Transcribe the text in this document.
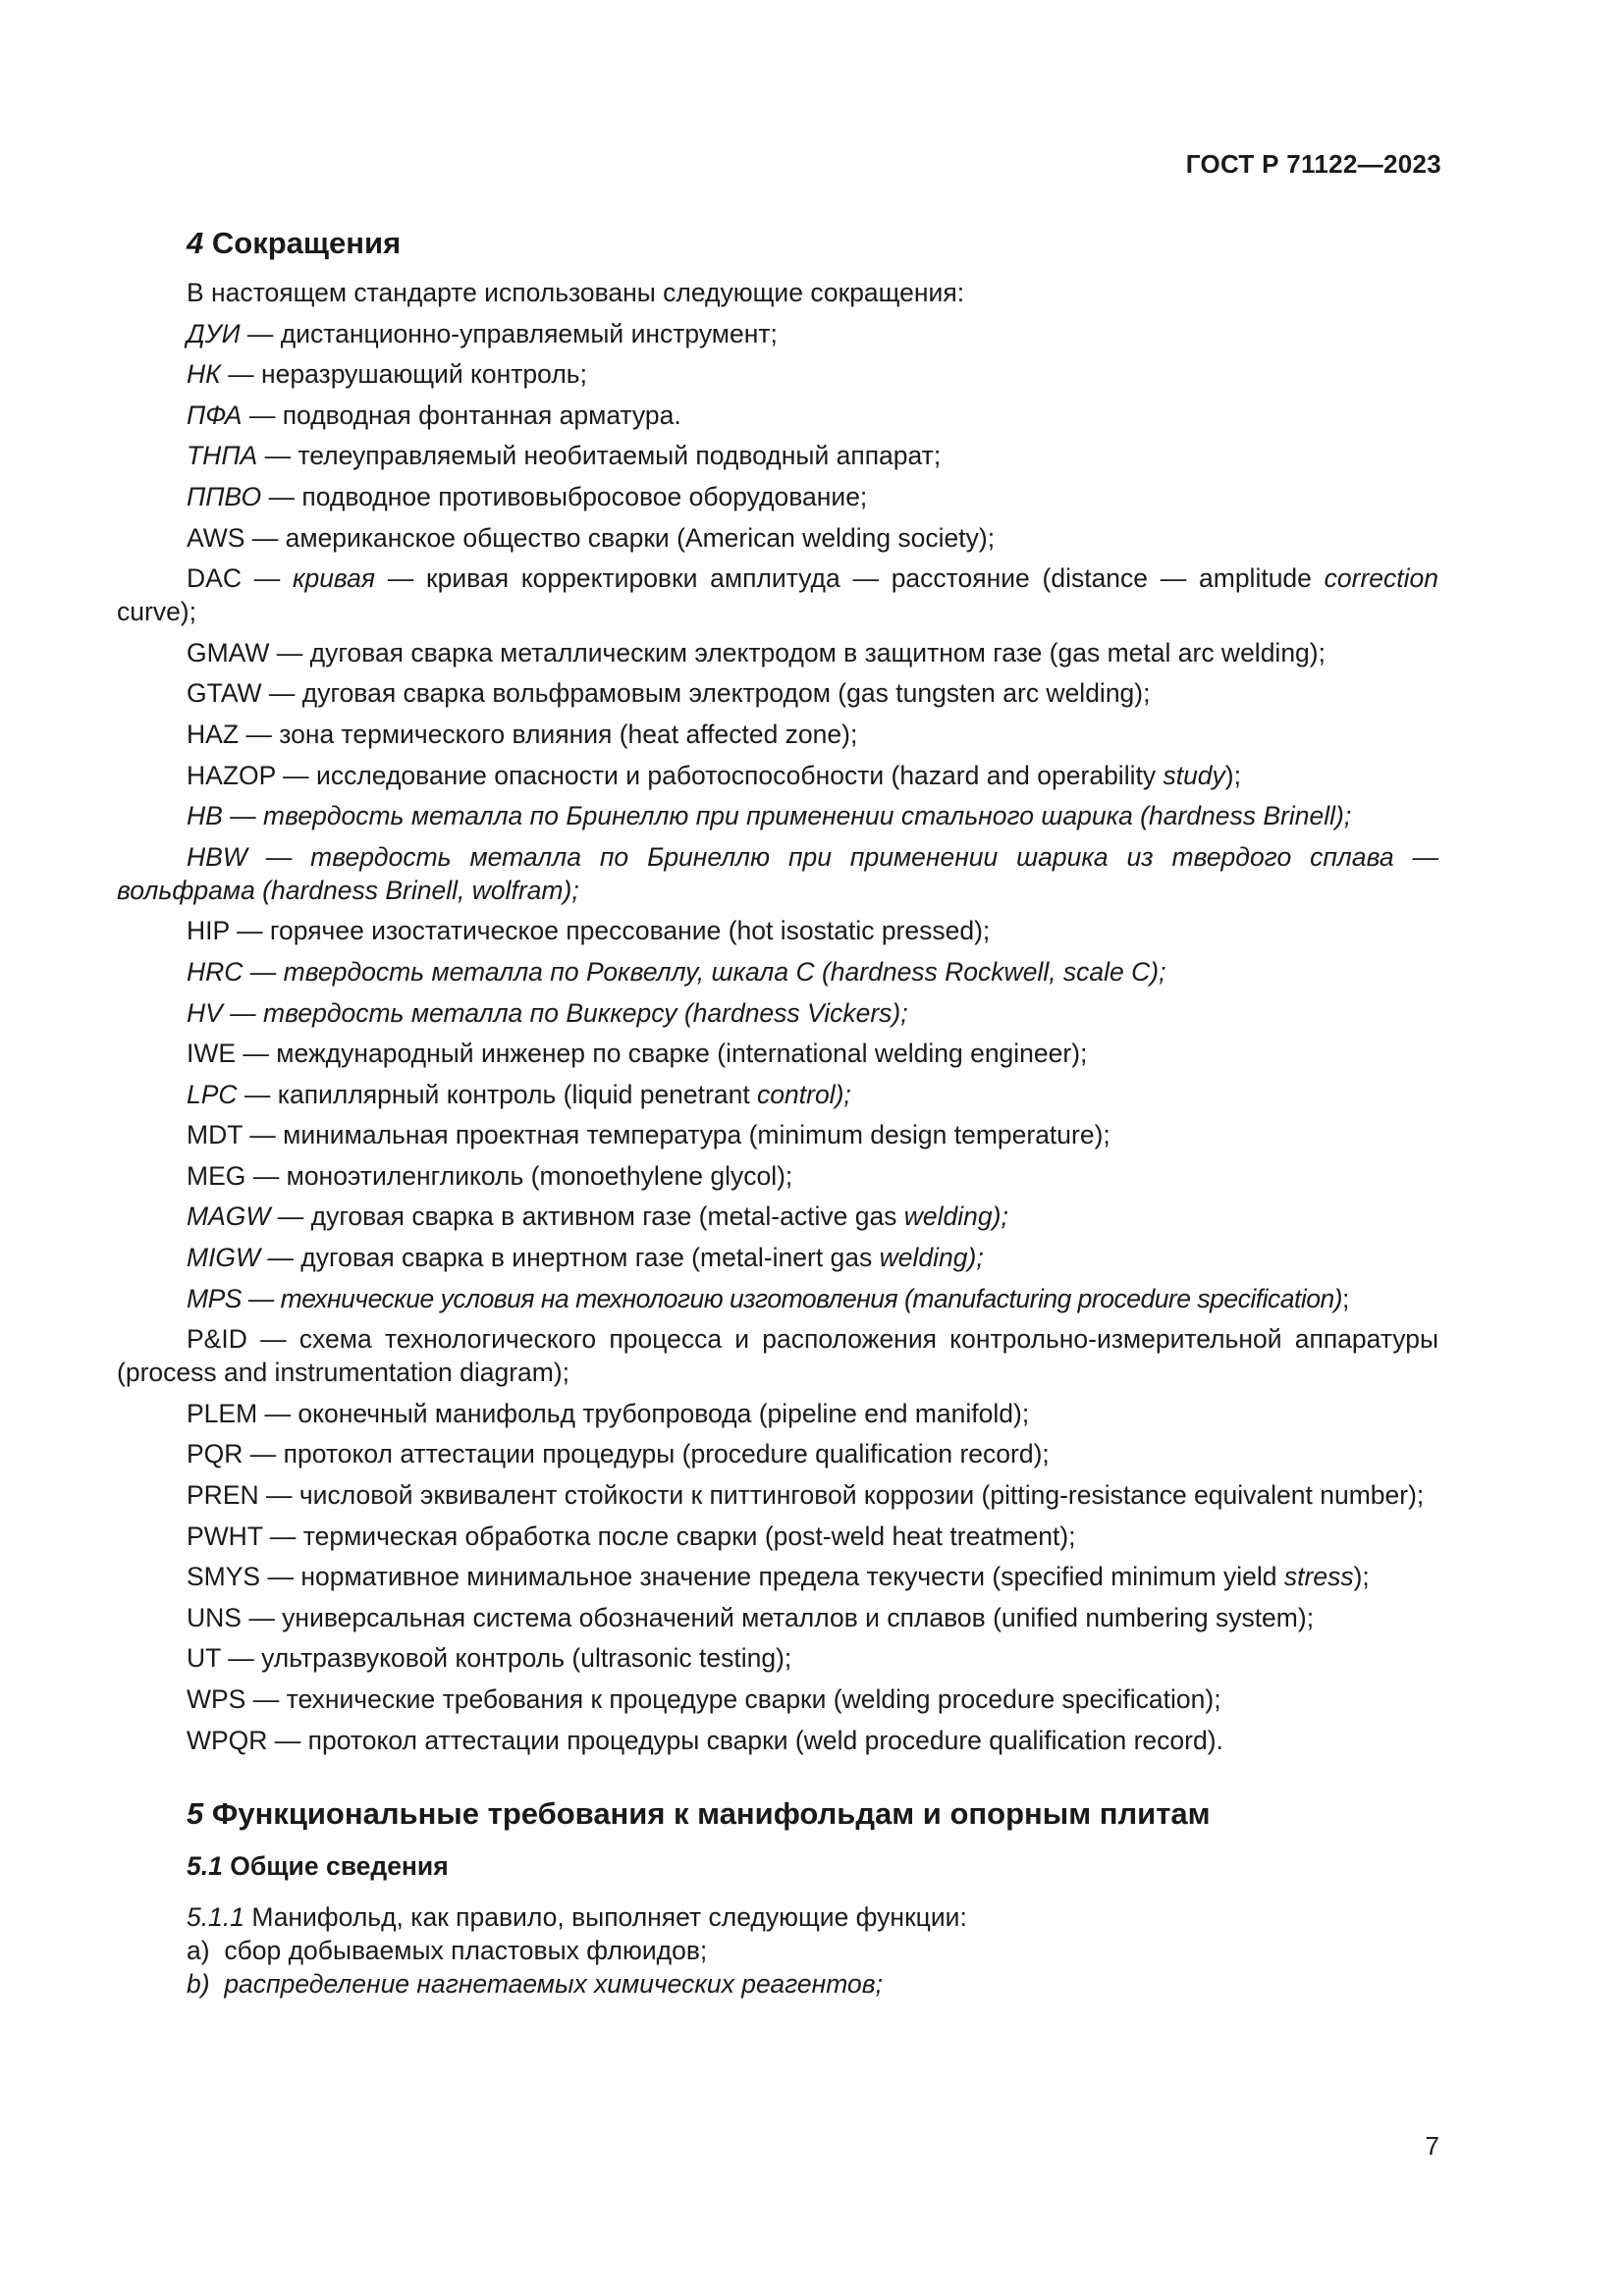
ГОСТ Р 71122—2023
4 Сокращения

В настоящем стандарте использованы следующие сокращения:

ДУИ — дистанционно-управляемый инструмент;

НК — неразрушающий контроль;

ПФА — подводная фонтанная арматура.

ТНПА — телеуправляемый необитаемый подводный аппарат;

ППВО — подводное противовыбросовое оборудование;

AWS — американское общество сварки (American welding society);

DAC — кривая — кривая корректировки амплитуда — расстояние (distance — amplitude correction curve);

GMAW — дуговая сварка металлическим электродом в защитном газе (gas metal arc welding);

GTAW — дуговая сварка вольфрамовым электродом (gas tungsten arc welding);

HAZ — зона термического влияния (heat affected zone);

HAZOP — исследование опасности и работоспособности (hazard and operability study);

HB — твердость металла по Бринеллю при применении стального шарика (hardness Brinell);

HBW — твердость металла по Бринеллю при применении шарика из твердого сплава — вольфрама (hardness Brinell, wolfram);

HIP — горячее изостатическое прессование (hot isostatic pressed);

HRC — твердость металла по Роквеллу, шкала С (hardness Rockwell, scale C);

HV — твердость металла по Виккерсу (hardness Vickers);

IWE — международный инженер по сварке (international welding engineer);

LPC — капиллярный контроль (liquid penetrant control);

MDT — минимальная проектная температура (minimum design temperature);

MEG — моноэтиленгликоль (monoethylene glycol);

MAGW — дуговая сварка в активном газе (metal-active gas welding);

MIGW — дуговая сварка в инертном газе (metal-inert gas welding);

MPS — технические условия на технологию изготовления (manufacturing procedure specification);

P&ID — схема технологического процесса и расположения контрольно-измерительной аппаратуры (process and instrumentation diagram);

PLEM — оконечный манифольд трубопровода (pipeline end manifold);

PQR — протокол аттестации процедуры (procedure qualification record);

PREN — числовой эквивалент стойкости к питтинговой коррозии (pitting-resistance equivalent number);

PWHT — термическая обработка после сварки (post-weld heat treatment);

SMYS — нормативное минимальное значение предела текучести (specified minimum yield stress);

UNS — универсальная система обозначений металлов и сплавов (unified numbering system);

UT — ультразвуковой контроль (ultrasonic testing);

WPS — технические требования к процедуре сварки (welding procedure specification);

WPQR — протокол аттестации процедуры сварки (weld procedure qualification record).

5 Функциональные требования к манифольдам и опорным плитам
5.1 Общие сведения

5.1.1 Манифольд, как правило, выполняет следующие функции:

а) сбор добываемых пластовых флюидов;

b) распределение нагнетаемых химических реагентов;

7
